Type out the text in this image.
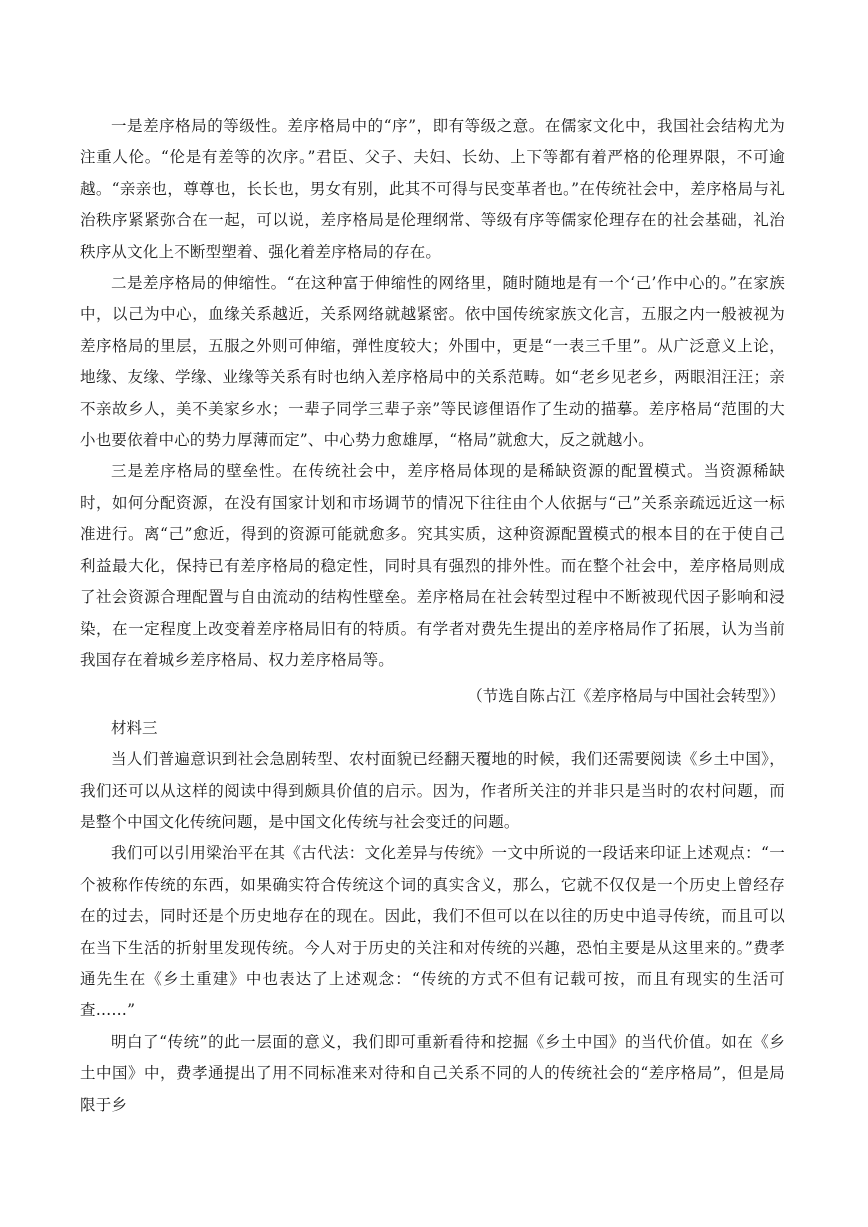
一是差序格局的等级性。差序格局中的“序”，即有等级之意。在儒家文化中，我国社会结构尤为注重人伦。“伦是有差等的次序。”君臣、父子、夫妇、长幼、上下等都有着严格的伦理界限，不可逾越。“亲亲也，尊尊也，长长也，男女有别，此其不可得与民变革者也。”在传统社会中，差序格局与礼治秩序紧紧弥合在一起，可以说，差序格局是伦理纲常、等级有序等儒家伦理存在的社会基础，礼治秩序从文化上不断型塑着、强化着差序格局的存在。

二是差序格局的伸缩性。“在这种富于伸缩性的网络里，随时随地是有一个‘己’作中心的。”在家族中，以己为中心，血缘关系越近，关系网络就越紧密。依中国传统家族文化言，五服之内一般被视为差序格局的里层，五服之外则可伸缩，弹性度较大；外围中，更是“一表三千里”。从广泛意义上论，地缘、友缘、学缘、业缘等关系有时也纳入差序格局中的关系范畴。如“老乡见老乡，两眼泪汪汪；亲不亲故乡人，美不美家乡水；一辈子同学三辈子亲”等民谚俚语作了生动的描摹。差序格局“范围的大小也要依着中心的势力厚薄而定”、中心势力愈雄厚，“格局”就愈大，反之就越小。

三是差序格局的壁垒性。在传统社会中，差序格局体现的是稀缺资源的配置模式。当资源稀缺时，如何分配资源，在没有国家计划和市场调节的情况下往往由个人依据与“己”关系亲疏远近这一标准进行。离“己”愈近，得到的资源可能就愈多。究其实质，这种资源配置模式的根本目的在于使自己利益最大化，保持已有差序格局的稳定性，同时具有强烈的排外性。而在整个社会中，差序格局则成了社会资源合理配置与自由流动的结构性壁垒。差序格局在社会转型过程中不断被现代因子影响和浸染，在一定程度上改变着差序格局旧有的特质。有学者对费先生提出的差序格局作了拓展，认为当前我国存在着城乡差序格局、权力差序格局等。

（节选自陈占江《差序格局与中国社会转型》）

材料三

当人们普遍意识到社会急剧转型、农村面貌已经翻天覆地的时候，我们还需要阅读《乡土中国》，我们还可以从这样的阅读中得到颇具价值的启示。因为，作者所关注的并非只是当时的农村问题，而是整个中国文化传统问题，是中国文化传统与社会变迁的问题。

我们可以引用梁治平在其《古代法：文化差异与传统》一文中所说的一段话来印证上述观点：“一个被称作传统的东西，如果确实符合传统这个词的真实含义，那么，它就不仅仅是一个历史上曾经存在的过去，同时还是个历史地存在的现在。因此，我们不但可以在以往的历史中追寻传统，而且可以在当下生活的折射里发现传统。今人对于历史的关注和对传统的兴趣，恐怕主要是从这里来的。”费孝通先生在《乡土重建》中也表达了上述观念：“传统的方式不但有记载可按，而且有现实的生活可查……”

明白了“传统”的此一层面的意义，我们即可重新看待和挖掘《乡土中国》的当代价值。如在《乡土中国》中，费孝通提出了用不同标准来对待和自己关系不同的人的传统社会的“差序格局”，但是局限于乡
